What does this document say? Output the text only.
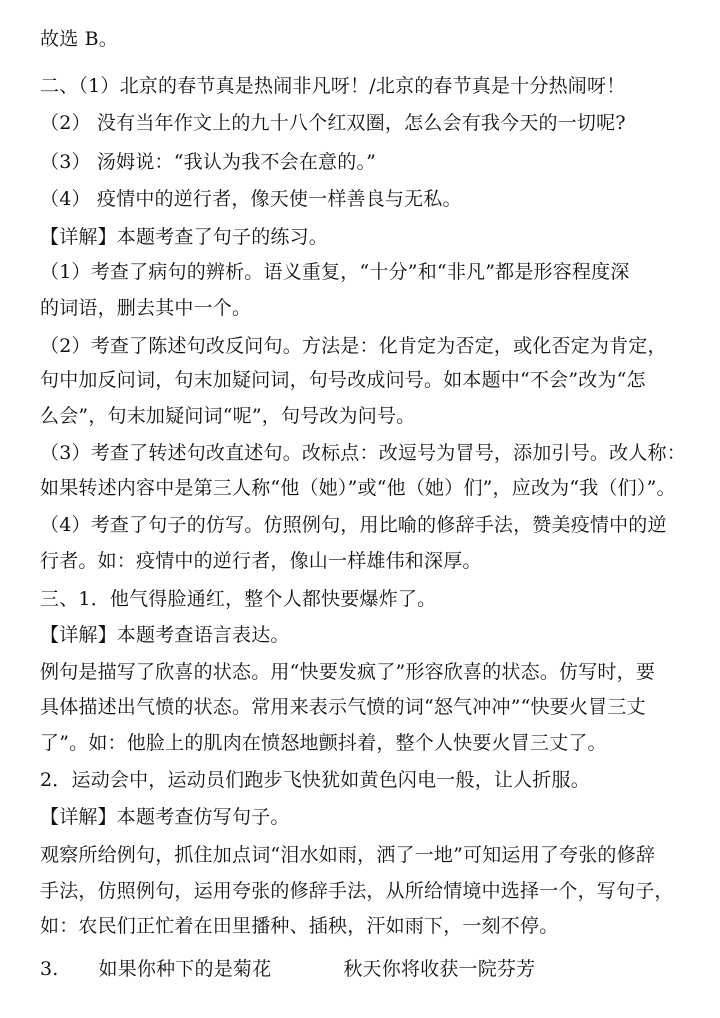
故选 B。
二、（1）北京的春节真是热闹非凡呀！/北京的春节真是十分热闹呀！
（2） 没有当年作文上的九十八个红双圈，怎么会有我今天的一切呢?
（3） 汤姆说：“我认为我不会在意的。”
（4） 疫情中的逆行者，像天使一样善良与无私。
【详解】本题考查了句子的练习。
（1）考查了病句的辨析。语义重复，“十分”和“非凡”都是形容程度深
的词语，删去其中一个。
（2）考查了陈述句改反问句。方法是：化肯定为否定，或化否定为肯定，
句中加反问词，句末加疑问词，句号改成问号。如本题中“不会”改为“怎
么会”，句末加疑问词“呢”，句号改为问号。
（3）考查了转述句改直述句。改标点：改逗号为冒号，添加引号。改人称：
如果转述内容中是第三人称“他（她）”或“他（她）们”，应改为“我（们）”。
（4）考查了句子的仿写。仿照例句，用比喻的修辞手法，赞美疫情中的逆
行者。如：疫情中的逆行者，像山一样雄伟和深厚。
三、1．他气得脸通红，整个人都快要爆炸了。
【详解】本题考查语言表达。
例句是描写了欣喜的状态。用“快要发疯了”形容欣喜的状态。仿写时，要
具体描述出气愤的状态。常用来表示气愤的词“怒气冲冲”“快要火冒三丈
了”。如：他脸上的肌肉在愤怒地颤抖着，整个人快要火冒三丈了。
2．运动会中，运动员们跑步飞快犹如黄色闪电一般，让人折服。
【详解】本题考查仿写句子。
观察所给例句，抓住加点词“泪水如雨，洒了一地”可知运用了夸张的修辞
手法，仿照例句，运用夸张的修辞手法，从所给情境中选择一个，写句子，
如：农民们正忙着在田里播种、插秧，汗如雨下，一刻不停。
3. 如果你种下的是菊花	秋天你将收获一院芬芳
